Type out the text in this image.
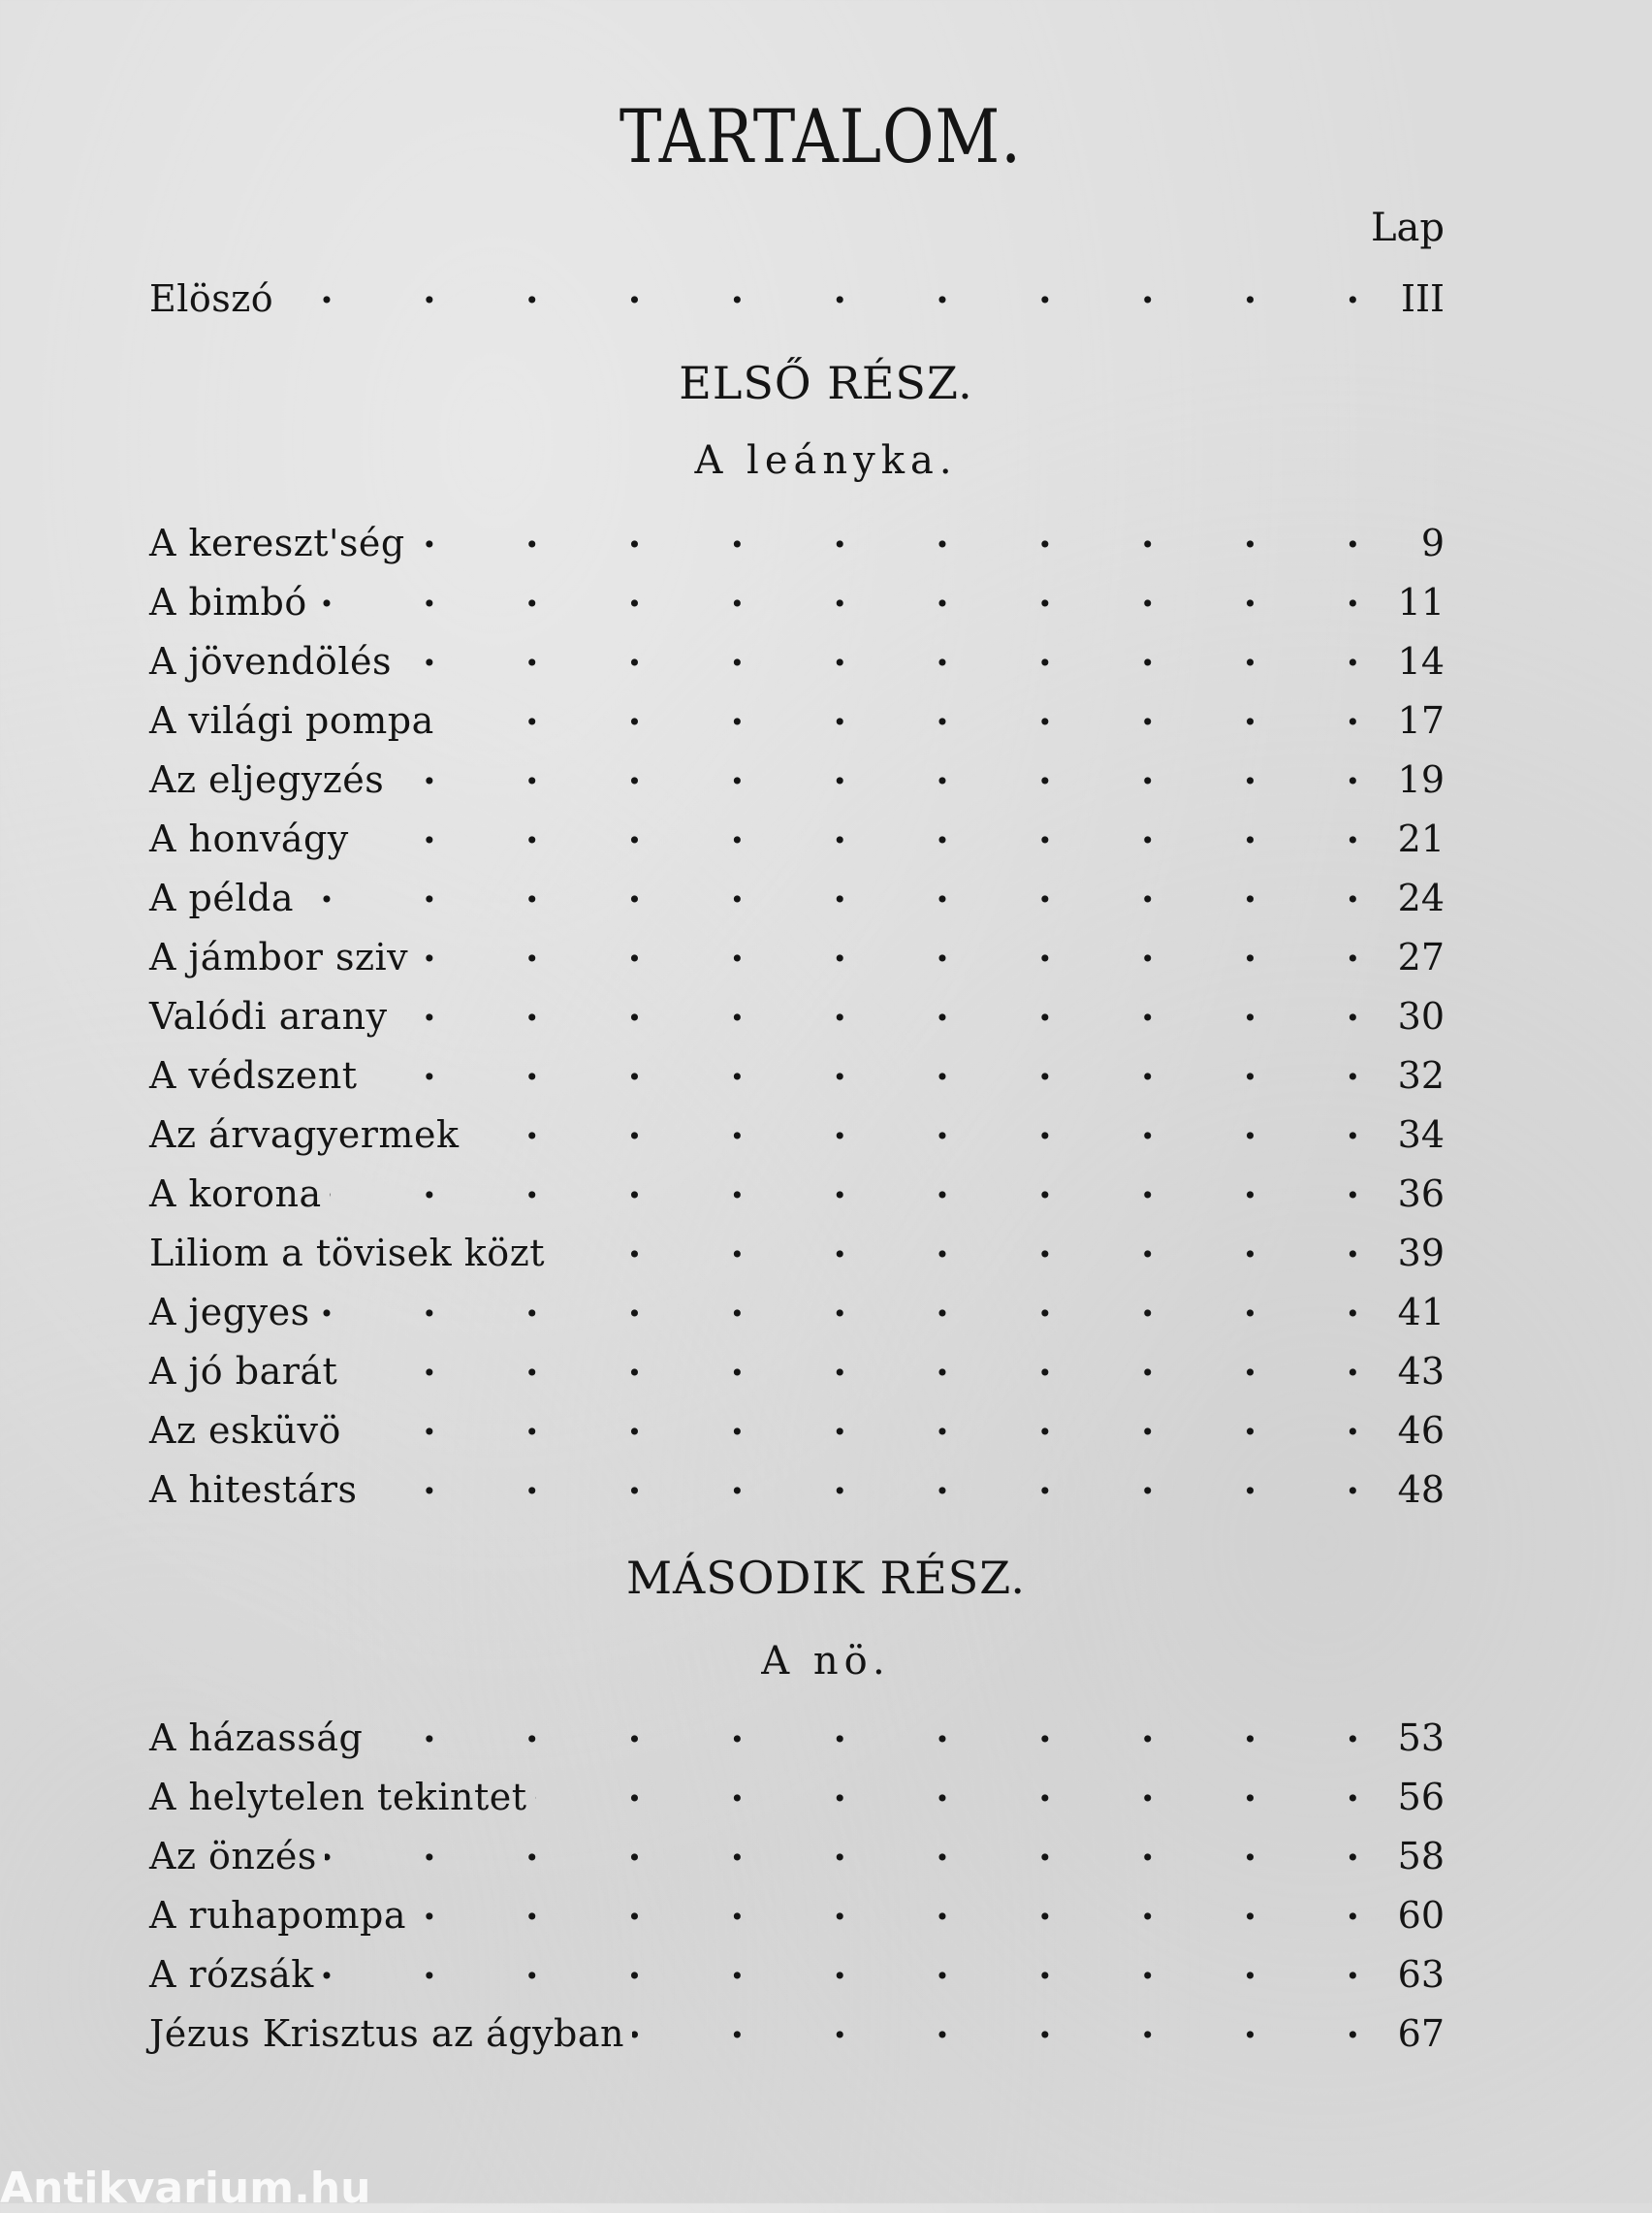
TARTALOM.
Lap
Elöszó .	III
ELSŐ RÉSZ.
A leányka.
A kereszt'ség .	9
A bimbó .	11
A jövendölés .	14
A világi pompa .	17
Az eljegyzés .	19
A honvágy .	21
A példa .	24
A jámbor sziv .	27
Valódi arany .	30
A védszent .	32
Az árvagyermek .	34
A korona .	36
Liliom a tövisek közt .	39
A jegyes .	41
A jó barát .	43
Az esküvö .	46
A hitestárs .	48
MÁSODIK RÉSZ.
A nö.
A házasság .	53
A helytelen tekintet .	56
Az önzés .	58
A ruhapompa .	60
A rózsák .	63
Jézus Krisztus az ágyban .	67
Antikvarium.hu
